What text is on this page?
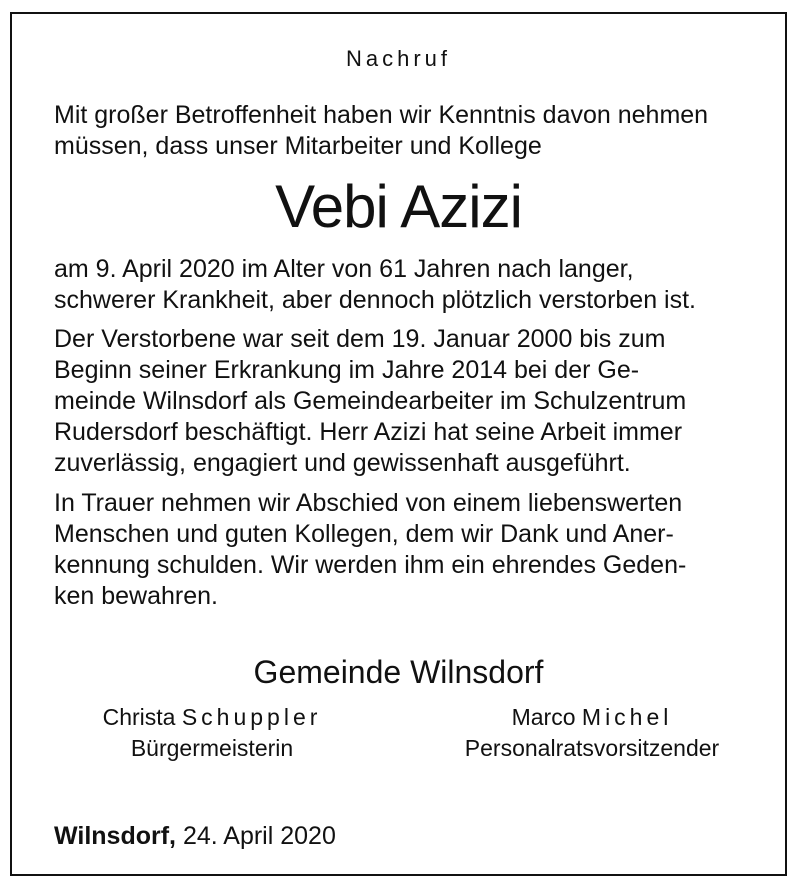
Nachruf
Mit großer Betroffenheit haben wir Kenntnis davon nehmen
müssen, dass unser Mitarbeiter und Kollege
Vebi Azizi
am 9. April 2020 im Alter von 61 Jahren nach langer,
schwerer Krankheit, aber dennoch plötzlich verstorben ist.
Der Verstorbene war seit dem 19. Januar 2000 bis zum
Beginn seiner Erkrankung im Jahre 2014 bei der Ge-
meinde Wilnsdorf als Gemeindearbeiter im Schulzentrum
Rudersdorf beschäftigt. Herr Azizi hat seine Arbeit immer
zuverlässig, engagiert und gewissenhaft ausgeführt.
In Trauer nehmen wir Abschied von einem liebenswerten
Menschen und guten Kollegen, dem wir Dank und Aner-
kennung schulden. Wir werden ihm ein ehrendes Geden-
ken bewahren.
Gemeinde Wilnsdorf
Christa Schuppler
Bürgermeisterin
Marco Michel
Personalratsvorsitzender
Wilnsdorf, 24. April 2020
